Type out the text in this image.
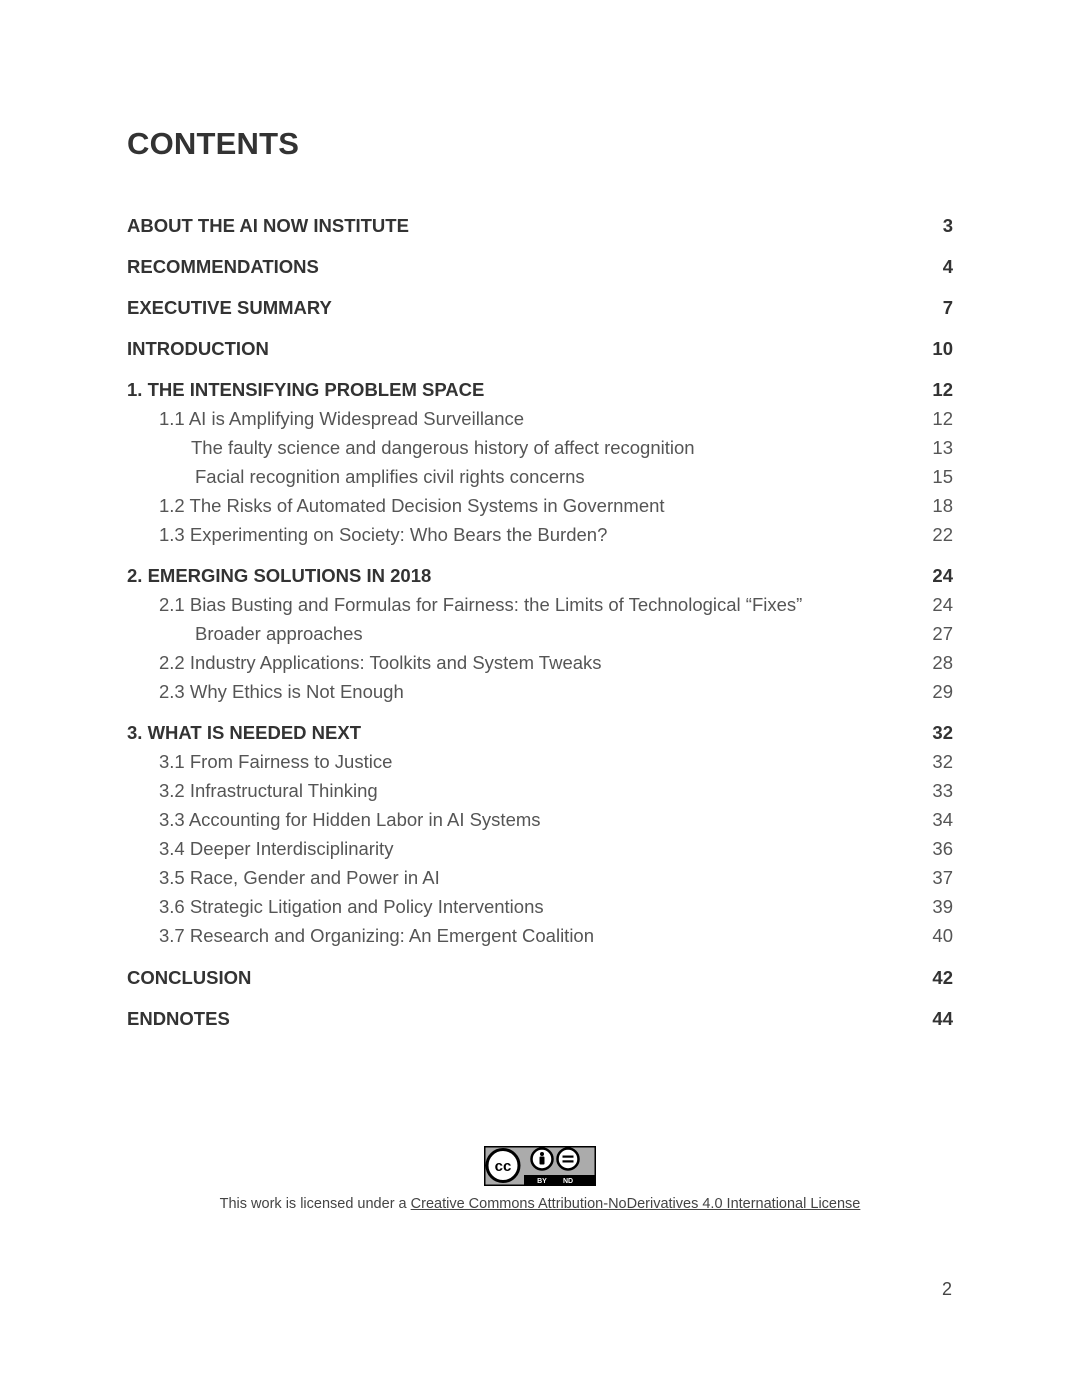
CONTENTS
ABOUT THE AI NOW INSTITUTE	3
RECOMMENDATIONS	4
EXECUTIVE SUMMARY	7
INTRODUCTION	10
1. THE INTENSIFYING PROBLEM SPACE	12
1.1 AI is Amplifying Widespread Surveillance	12
The faulty science and dangerous history of affect recognition	13
Facial recognition amplifies civil rights concerns	15
1.2 The Risks of Automated Decision Systems in Government	18
1.3 Experimenting on Society: Who Bears the Burden?	22
2. EMERGING SOLUTIONS IN 2018	24
2.1 Bias Busting and Formulas for Fairness: the Limits of Technological “Fixes”	24
Broader approaches	27
2.2 Industry Applications: Toolkits and System Tweaks	28
2.3 Why Ethics is Not Enough	29
3. WHAT IS NEEDED NEXT	32
3.1 From Fairness to Justice	32
3.2 Infrastructural Thinking	33
3.3 Accounting for Hidden Labor in AI Systems	34
3.4 Deeper Interdisciplinarity	36
3.5 Race, Gender and Power in AI	37
3.6 Strategic Litigation and Policy Interventions	39
3.7 Research and Organizing: An Emergent Coalition	40
CONCLUSION	42
ENDNOTES	44
cc
BY ND
This work is licensed under a Creative Commons Attribution-NoDerivatives 4.0 International License
2
